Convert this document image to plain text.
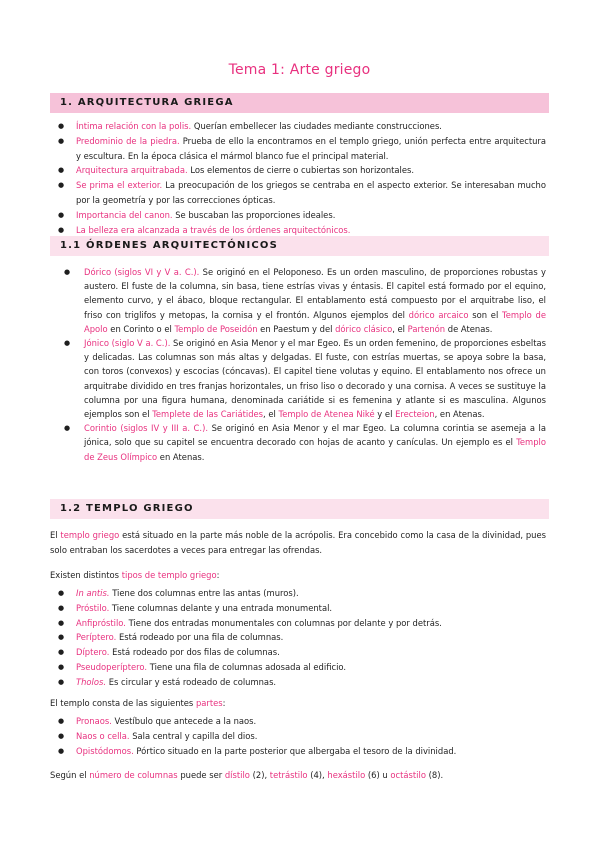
Tema 1: Arte griego
1. ARQUITECTURA GRIEGA
● Íntima relación con la polis. Querían embellecer las ciudades mediante construcciones.
● Predominio de la piedra. Prueba de ello la encontramos en el templo griego, unión perfecta entre arquitectura y escultura. En la época clásica el mármol blanco fue el principal material.
● Arquitectura arquitrabada. Los elementos de cierre o cubiertas son horizontales.
● Se prima el exterior. La preocupación de los griegos se centraba en el aspecto exterior. Se interesaban mucho por la geometría y por las correcciones ópticas.
● Importancia del canon. Se buscaban las proporciones ideales.
● La belleza era alcanzada a través de los órdenes arquitectónicos.
1.1 ÓRDENES ARQUITECTÓNICOS
● Dórico (siglos VI y V a. C.). Se originó en el Peloponeso. Es un orden masculino, de proporciones robustas y austero. El fuste de la columna, sin basa, tiene estrías vivas y éntasis. El capitel está formado por el equino, elemento curvo, y el ábaco, bloque rectangular. El entablamento está compuesto por el arquitrabe liso, el friso con triglifos y metopas, la cornisa y el frontón. Algunos ejemplos del dórico arcaico son el Templo de Apolo en Corinto o el Templo de Poseidón en Paestum y del dórico clásico, el Partenón de Atenas.
● Jónico (siglo V a. C.). Se originó en Asia Menor y el mar Egeo. Es un orden femenino, de proporciones esbeltas y delicadas. Las columnas son más altas y delgadas. El fuste, con estrías muertas, se apoya sobre la basa, con toros (convexos) y escocias (cóncavas). El capitel tiene volutas y equino. El entablamento nos ofrece un arquitrabe dividido en tres franjas horizontales, un friso liso o decorado y una cornisa. A veces se sustituye la columna por una figura humana, denominada cariátide si es femenina y atlante si es masculina. Algunos ejemplos son el Templete de las Cariátides, el Templo de Atenea Niké y el Erecteion, en Atenas.
● Corintio (siglos IV y III a. C.). Se originó en Asia Menor y el mar Egeo. La columna corintia se asemeja a la jónica, solo que su capitel se encuentra decorado con hojas de acanto y canículas. Un ejemplo es el Templo de Zeus Olímpico en Atenas.
1.2 TEMPLO GRIEGO
El templo griego está situado en la parte más noble de la acrópolis. Era concebido como la casa de la divinidad, pues solo entraban los sacerdotes a veces para entregar las ofrendas.
Existen distintos tipos de templo griego:
● In antis. Tiene dos columnas entre las antas (muros).
● Próstilo. Tiene columnas delante y una entrada monumental.
● Anfipróstilo. Tiene dos entradas monumentales con columnas por delante y por detrás.
● Períptero. Está rodeado por una fila de columnas.
● Díptero. Está rodeado por dos filas de columnas.
● Pseudoperíptero. Tiene una fila de columnas adosada al edificio.
● Tholos. Es circular y está rodeado de columnas.
El templo consta de las siguientes partes:
● Pronaos. Vestíbulo que antecede a la naos.
● Naos o cella. Sala central y capilla del dios.
● Opistódomos. Pórtico situado en la parte posterior que albergaba el tesoro de la divinidad.
Según el número de columnas puede ser dístilo (2), tetrástilo (4), hexástilo (6) u octástilo (8).
